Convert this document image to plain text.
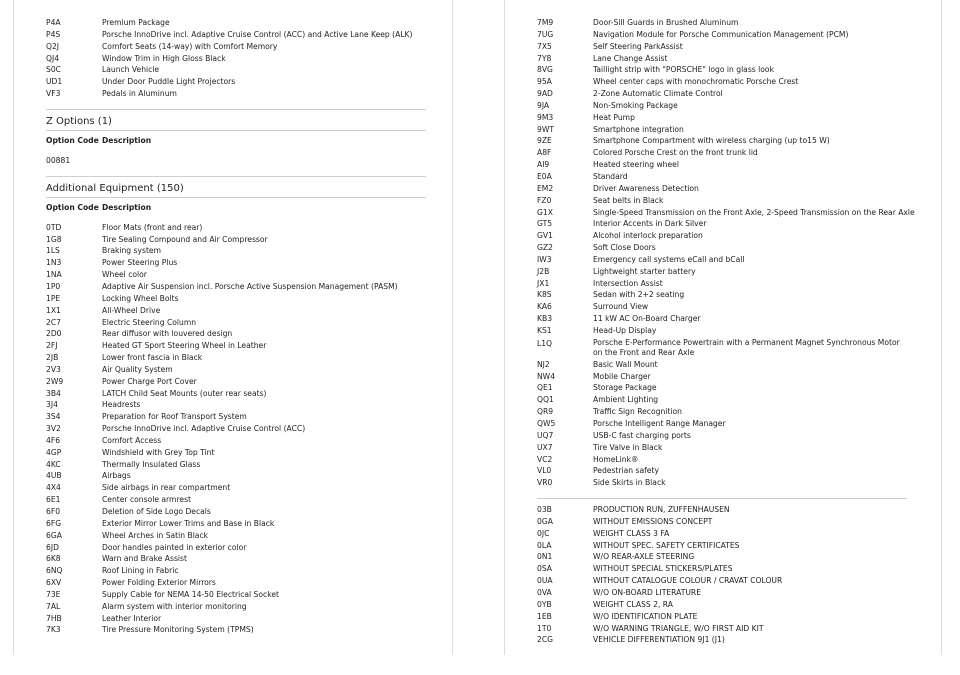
P4A	Premium Package
P4S	Porsche InnoDrive incl. Adaptive Cruise Control (ACC) and Active Lane Keep (ALK)
Q2J	Comfort Seats (14-way) with Comfort Memory
QJ4	Window Trim in High Gloss Black
S0C	Launch Vehicle
UD1	Under Door Puddle Light Projectors
VF3	Pedals in Aluminum
Z Options (1)
Option Code Description
00881
Additional Equipment (150)
Option Code Description
0TD	Floor Mats (front and rear)
1G8	Tire Sealing Compound and Air Compressor
1LS	Braking system
1N3	Power Steering Plus
1NA	Wheel color
1P0	Adaptive Air Suspension incl. Porsche Active Suspension Management (PASM)
1PE	Locking Wheel Bolts
1X1	All-Wheel Drive
2C7	Electric Steering Column
2D0	Rear diffusor with louvered design
2FJ	Heated GT Sport Steering Wheel in Leather
2JB	Lower front fascia in Black
2V3	Air Quality System
2W9	Power Charge Port Cover
3B4	LATCH Child Seat Mounts (outer rear seats)
3J4	Headrests
3S4	Preparation for Roof Transport System
3V2	Porsche InnoDrive incl. Adaptive Cruise Control (ACC)
4F6	Comfort Access
4GP	Windshield with Grey Top Tint
4KC	Thermally Insulated Glass
4UB	Airbags
4X4	Side airbags in rear compartment
6E1	Center console armrest
6F0	Deletion of Side Logo Decals
6FG	Exterior Mirror Lower Trims and Base in Black
6GA	Wheel Arches in Satin Black
6JD	Door handles painted in exterior color
6K8	Warn and Brake Assist
6NQ	Roof Lining in Fabric
6XV	Power Folding Exterior Mirrors
73E	Supply Cable for NEMA 14-50 Electrical Socket
7AL	Alarm system with interior monitoring
7HB	Leather Interior
7K3	Tire Pressure Monitoring System (TPMS)
7M9	Door-Sill Guards in Brushed Aluminum
7UG	Navigation Module for Porsche Communication Management (PCM)
7X5	Self Steering ParkAssist
7Y8	Lane Change Assist
8VG	Taillight strip with "PORSCHE" logo in glass look
95A	Wheel center caps with monochromatic Porsche Crest
9AD	2-Zone Automatic Climate Control
9JA	Non-Smoking Package
9M3	Heat Pump
9WT	Smartphone integration
9ZE	Smartphone Compartment with wireless charging (up to15 W)
A8F	Colored Porsche Crest on the front trunk lid
AI9	Heated steering wheel
E0A	Standard
EM2	Driver Awareness Detection
FZ0	Seat belts in Black
G1X	Single-Speed Transmission on the Front Axle, 2-Speed Transmission on the Rear Axle
GT5	Interior Accents in Dark Silver
GV1	Alcohol interlock preparation
GZ2	Soft Close Doors
IW3	Emergency call systems eCall and bCall
J2B	Lightweight starter battery
JX1	Intersection Assist
K8S	Sedan with 2+2 seating
KA6	Surround View
KB3	11 kW AC On-Board Charger
KS1	Head-Up Display
L1Q	Porsche E-Performance Powertrain with a Permanent Magnet Synchronous Motor on the Front and Rear Axle
NJ2	Basic Wall Mount
NW4	Mobile Charger
QE1	Storage Package
QQ1	Ambient Lighting
QR9	Traffic Sign Recognition
QW5	Porsche Intelligent Range Manager
UQ7	USB-C fast charging ports
UX7	Tire Valve in Black
VC2	HomeLink®
VL0	Pedestrian safety
VR0	Side Skirts in Black
03B	PRODUCTION RUN, ZUFFENHAUSEN
0GA	WITHOUT EMISSIONS CONCEPT
0JC	WEIGHT CLASS 3 FA
0LA	WITHOUT SPEC. SAFETY CERTIFICATES
0N1	W/O REAR-AXLE STEERING
0SA	WITHOUT SPECIAL STICKERS/PLATES
0UA	WITHOUT CATALOGUE COLOUR / CRAVAT COLOUR
0VA	W/O ON-BOARD LITERATURE
0YB	WEIGHT CLASS 2, RA
1EB	W/O IDENTIFICATION PLATE
1T0	W/O WARNING TRIANGLE, W/O FIRST AID KIT
2CG	VEHICLE DIFFERENTIATION 9J1 (J1)
